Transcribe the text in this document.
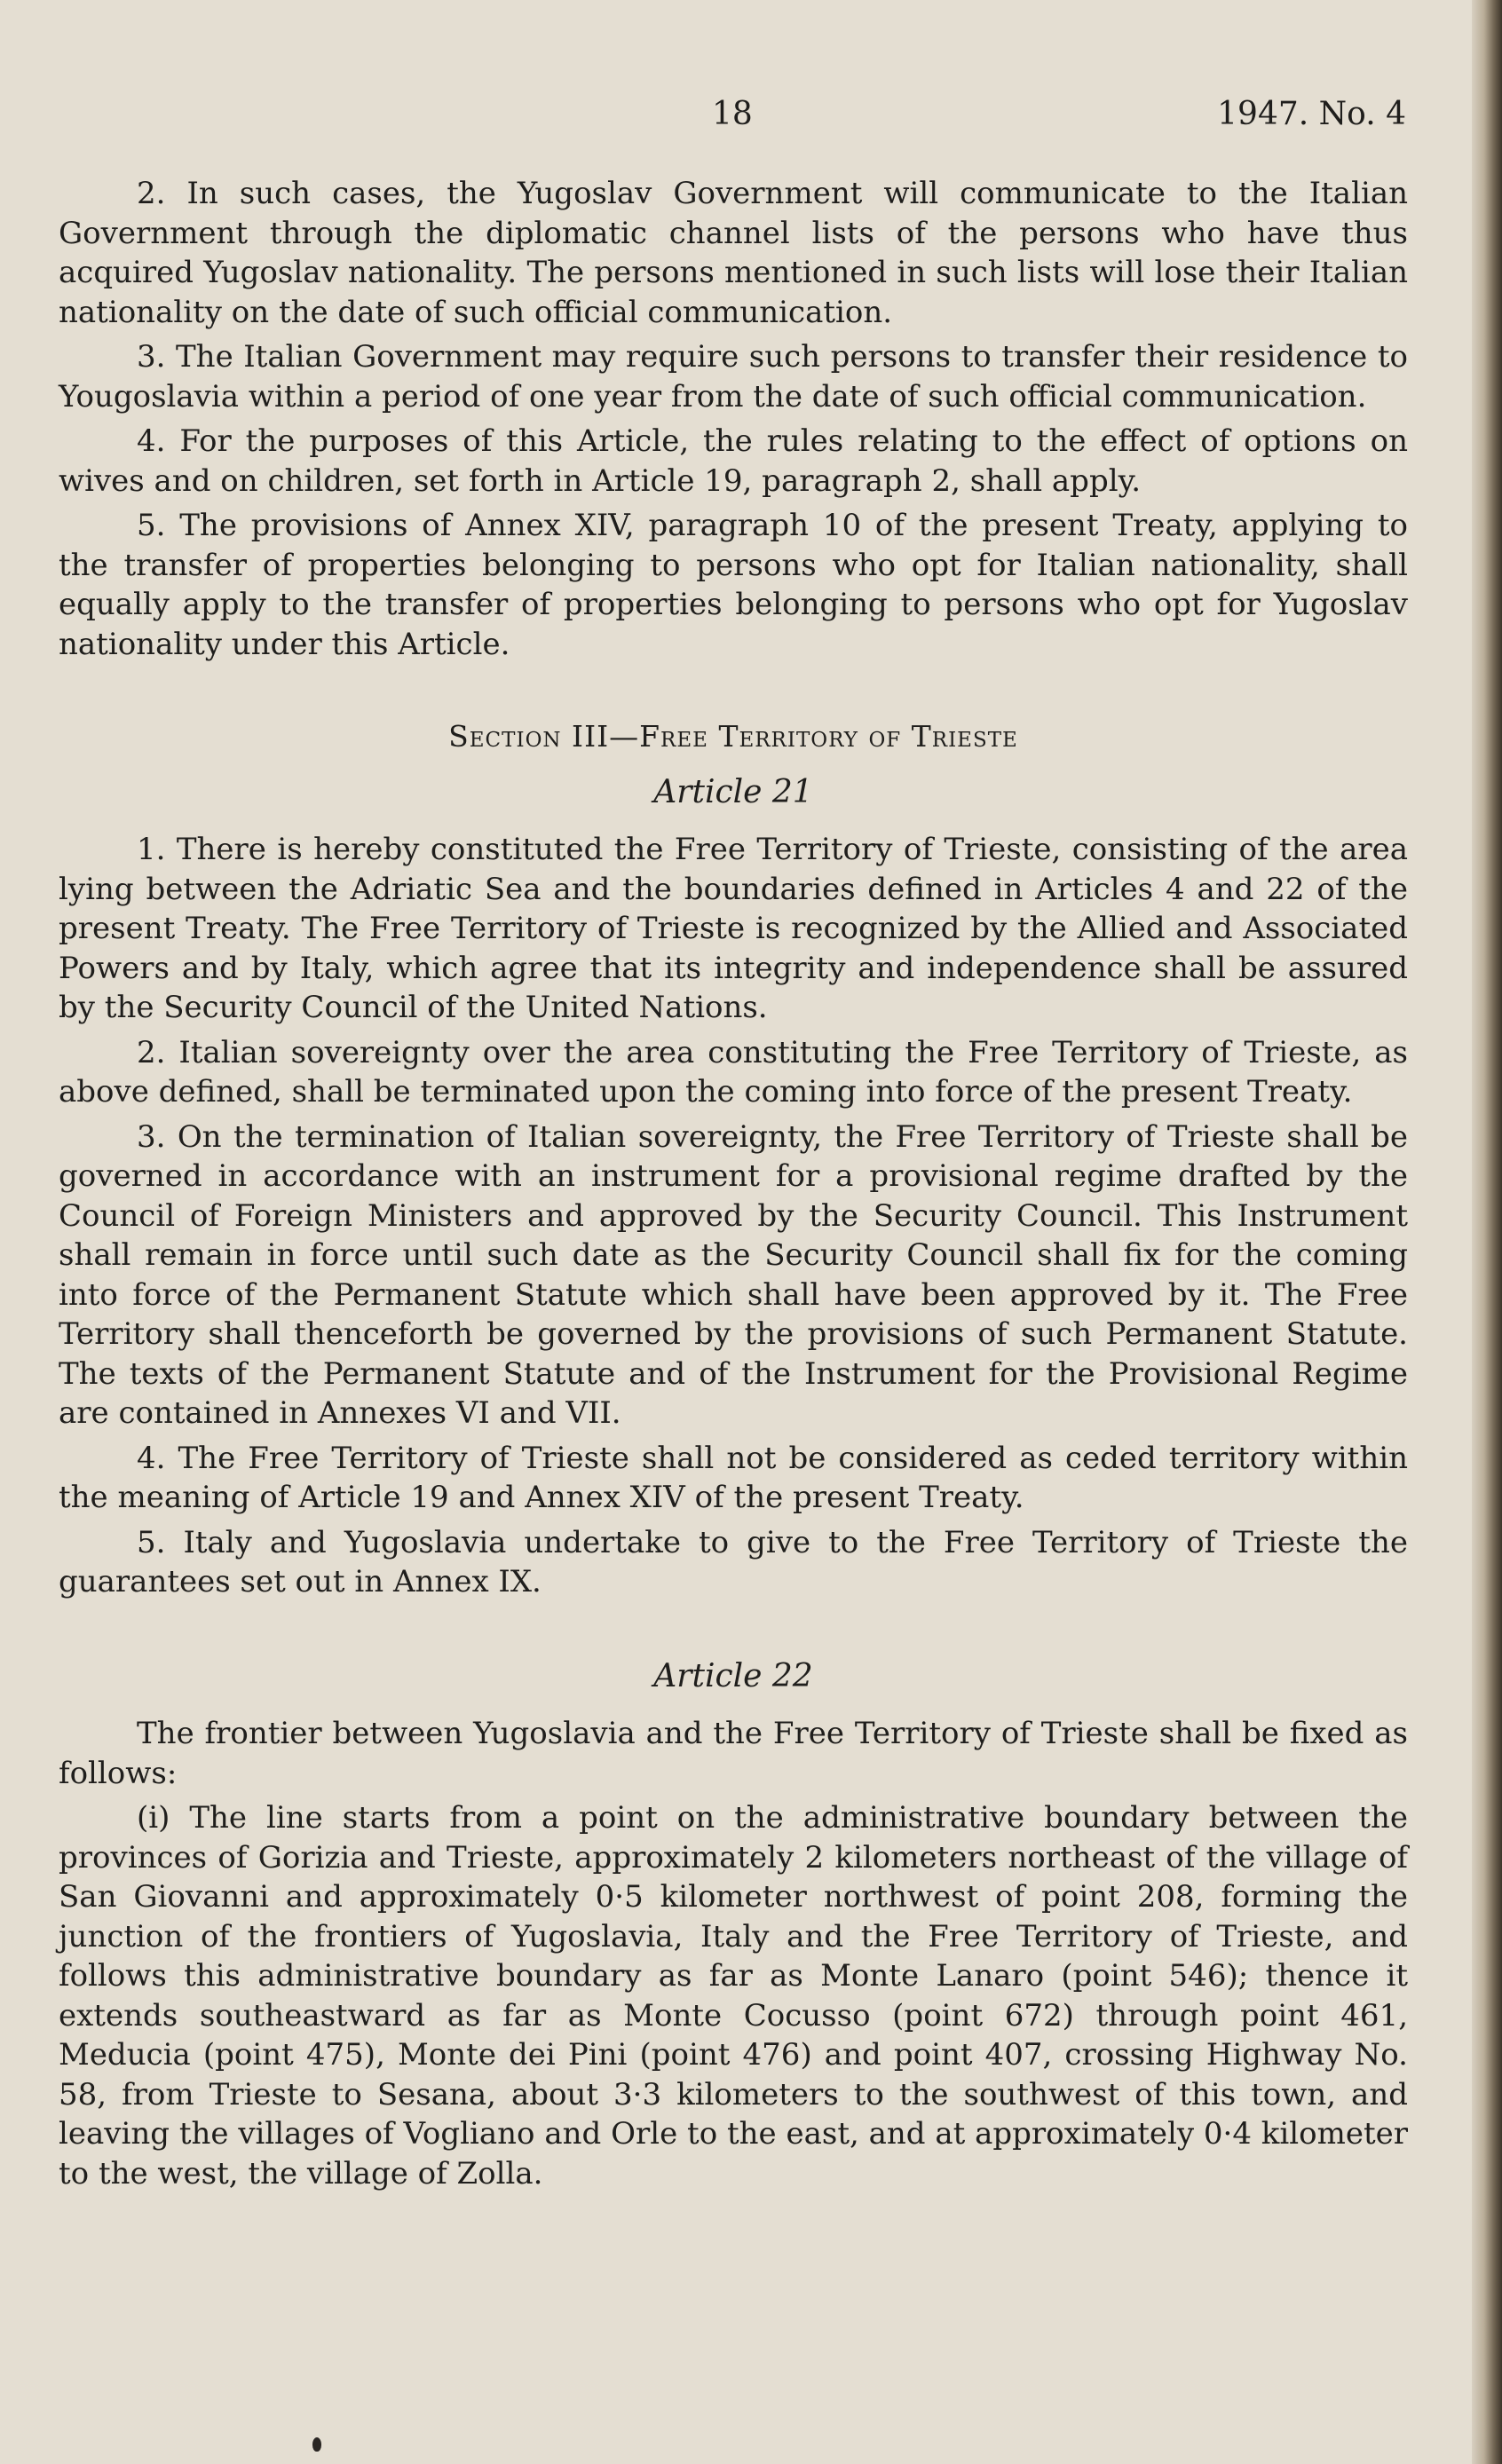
18	1947. No. 4

2. In such cases, the Yugoslav Government will communicate to the Italian Government through the diplomatic channel lists of the persons who have thus acquired Yugoslav nationality. The persons mentioned in such lists will lose their Italian nationality on the date of such official communication.

3. The Italian Government may require such persons to transfer their residence to Yougoslavia within a period of one year from the date of such official communication.

4. For the purposes of this Article, the rules relating to the effect of options on wives and on children, set forth in Article 19, paragraph 2, shall apply.

5. The provisions of Annex XIV, paragraph 10 of the present Treaty, applying to the transfer of properties belonging to persons who opt for Italian nationality, shall equally apply to the transfer of properties belonging to persons who opt for Yugoslav nationality under this Article.

Section III—Free Territory of Trieste
Article 21

1. There is hereby constituted the Free Territory of Trieste, consisting of the area lying between the Adriatic Sea and the boundaries defined in Articles 4 and 22 of the present Treaty. The Free Territory of Trieste is recognized by the Allied and Associated Powers and by Italy, which agree that its integrity and independence shall be assured by the Security Council of the United Nations.

2. Italian sovereignty over the area constituting the Free Territory of Trieste, as above defined, shall be terminated upon the coming into force of the present Treaty.

3. On the termination of Italian sovereignty, the Free Territory of Trieste shall be governed in accordance with an instrument for a provisional regime drafted by the Council of Foreign Ministers and approved by the Security Council. This Instrument shall remain in force until such date as the Security Council shall fix for the coming into force of the Permanent Statute which shall have been approved by it. The Free Territory shall thenceforth be governed by the provisions of such Permanent Statute. The texts of the Permanent Statute and of the Instrument for the Provisional Regime are contained in Annexes VI and VII.

4. The Free Territory of Trieste shall not be considered as ceded territory within the meaning of Article 19 and Annex XIV of the present Treaty.

5. Italy and Yugoslavia undertake to give to the Free Territory of Trieste the guarantees set out in Annex IX.

Article 22

The frontier between Yugoslavia and the Free Territory of Trieste shall be fixed as follows:

(i) The line starts from a point on the administrative boundary between the provinces of Gorizia and Trieste, approximately 2 kilometers northeast of the village of San Giovanni and approximately 0·5 kilometer northwest of point 208, forming the junction of the frontiers of Yugoslavia, Italy and the Free Territory of Trieste, and follows this administrative boundary as far as Monte Lanaro (point 546); thence it extends southeastward as far as Monte Cocusso (point 672) through point 461, Meducia (point 475), Monte dei Pini (point 476) and point 407, crossing Highway No. 58, from Trieste to Sesana, about 3·3 kilometers to the southwest of this town, and leaving the villages of Vogliano and Orle to the east, and at approximately 0·4 kilometer to the west, the village of Zolla.
